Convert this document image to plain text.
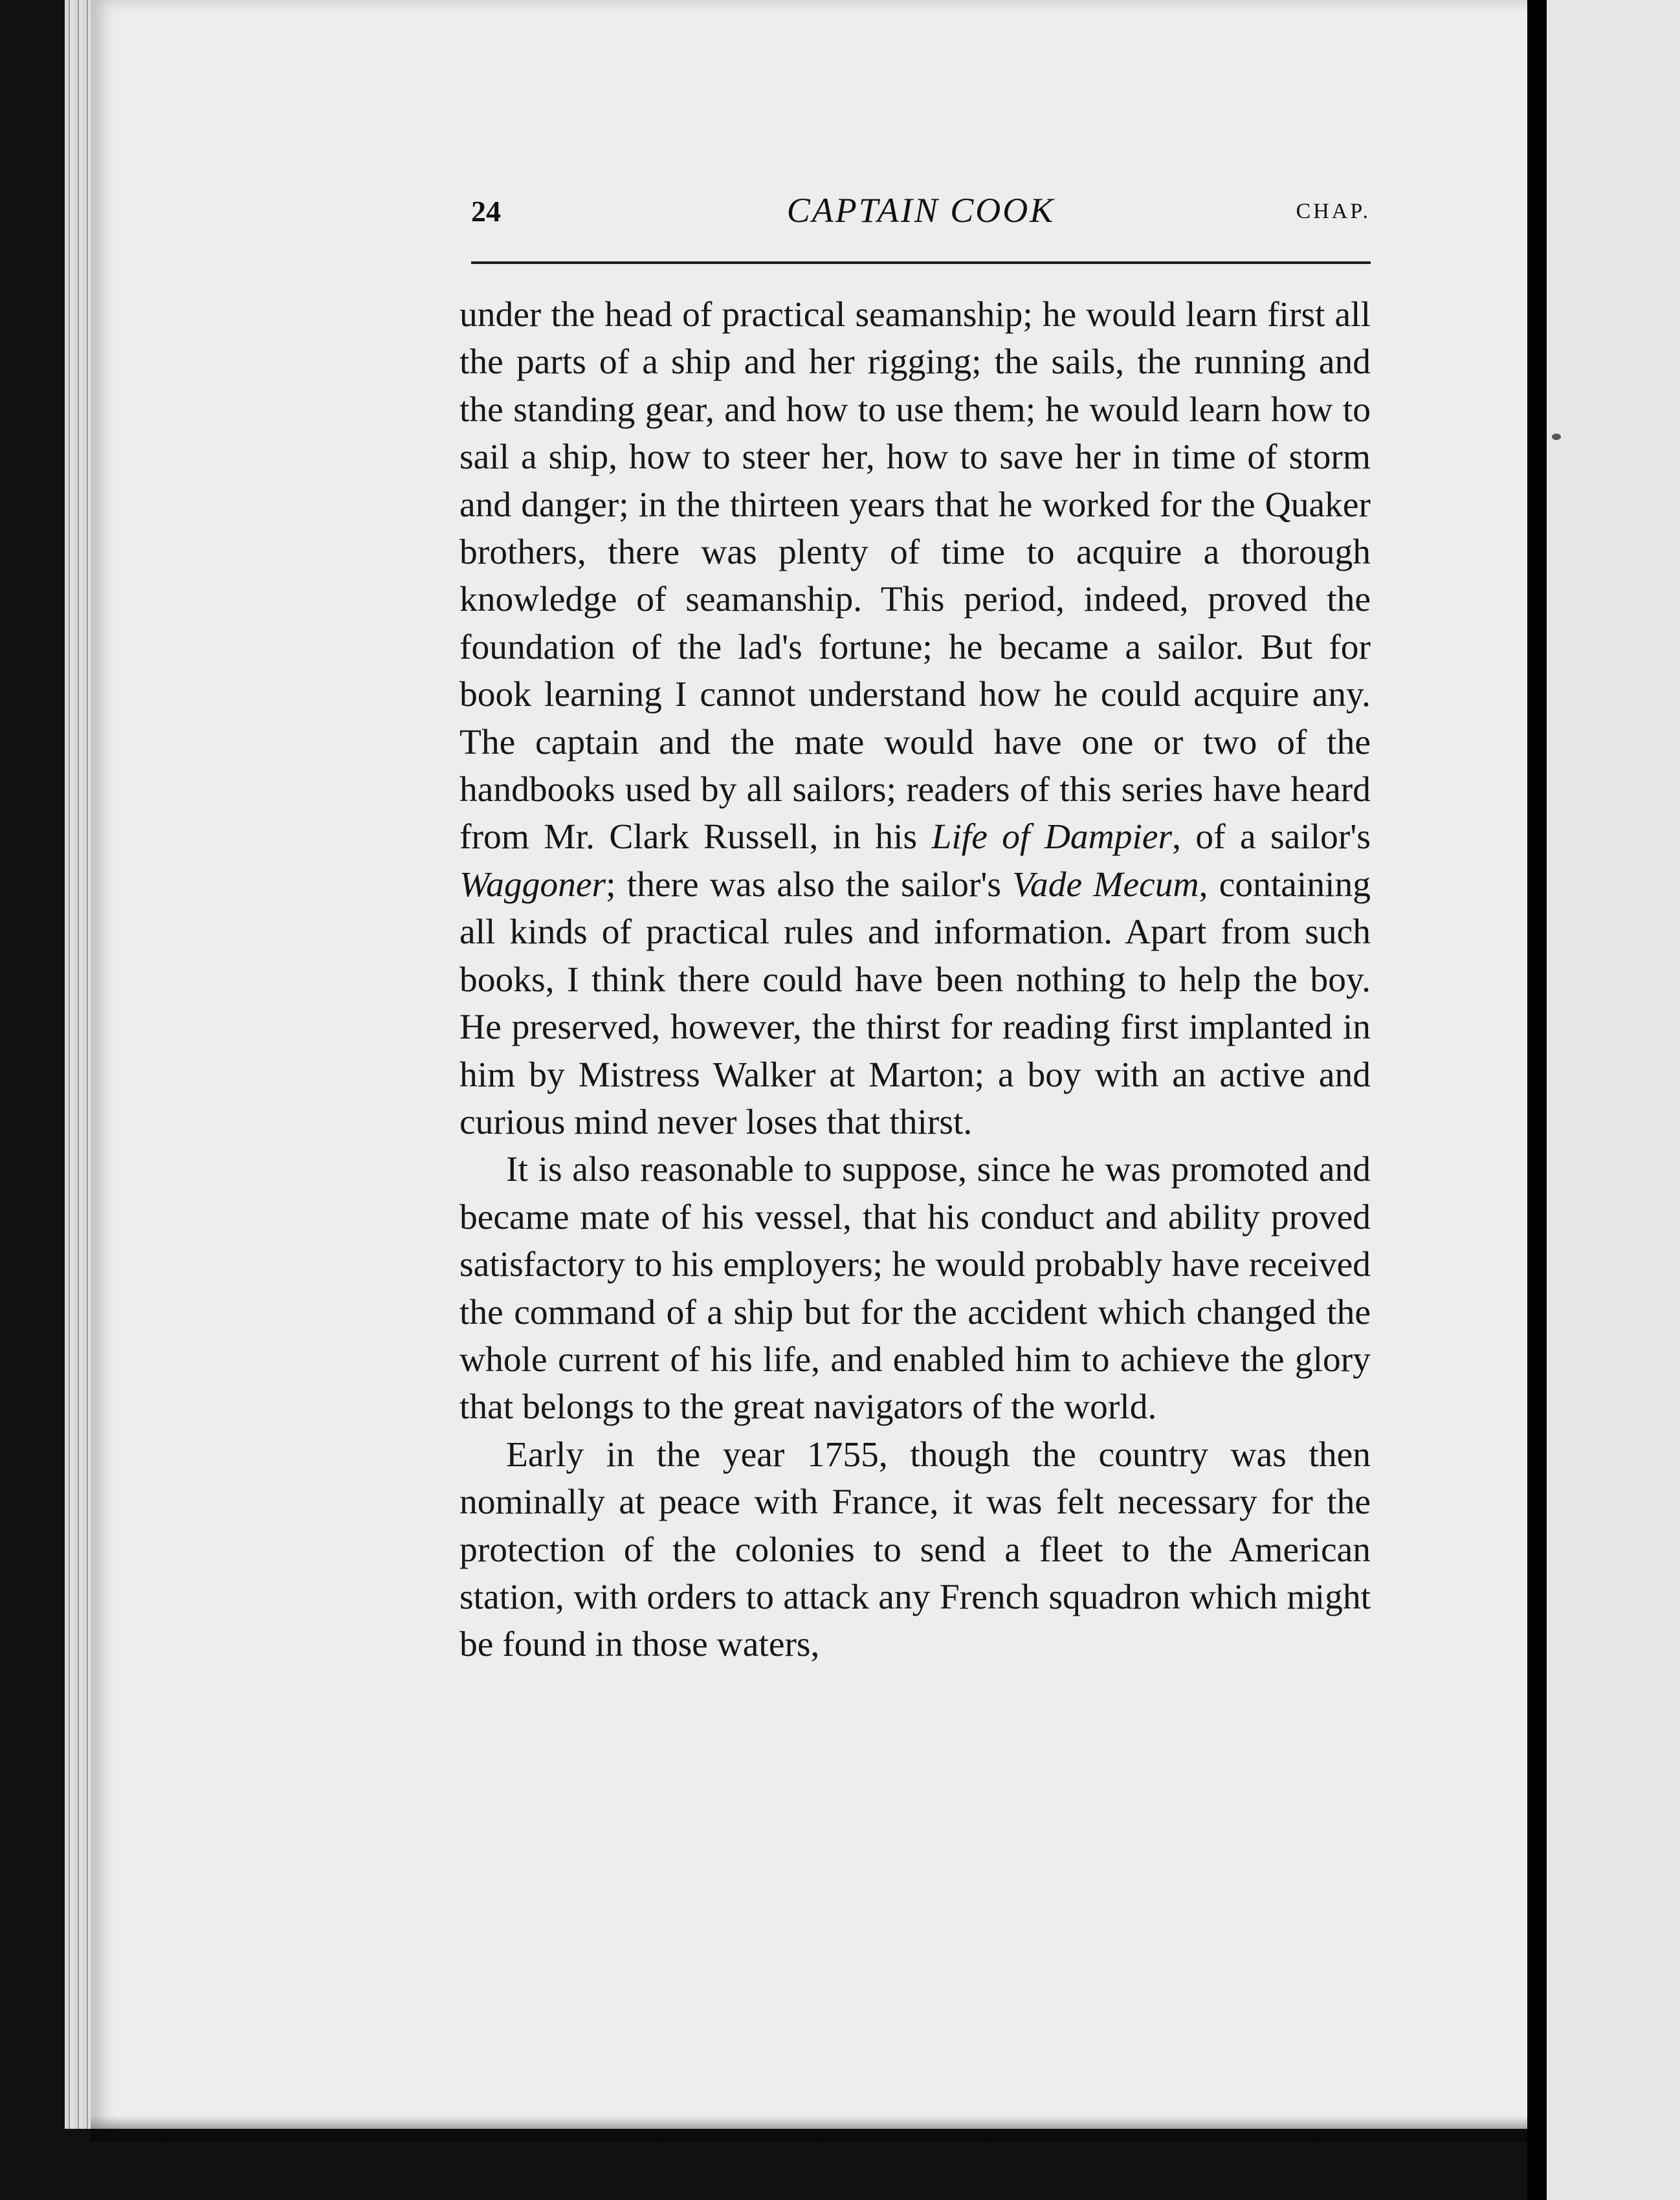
24	CAPTAIN COOK	CHAP.

under the head of practical seamanship; he would learn first all the parts of a ship and her rigging; the sails, the running and the standing gear, and how to use them; he would learn how to sail a ship, how to steer her, how to save her in time of storm and danger; in the thirteen years that he worked for the Quaker brothers, there was plenty of time to acquire a thorough knowledge of seamanship. This period, indeed, proved the foundation of the lad's fortune; he became a sailor. But for book learning I cannot understand how he could acquire any. The captain and the mate would have one or two of the handbooks used by all sailors; readers of this series have heard from Mr. Clark Russell, in his Life of Dampier, of a sailor's Waggoner; there was also the sailor's Vade Mecum, containing all kinds of practical rules and information. Apart from such books, I think there could have been nothing to help the boy. He preserved, however, the thirst for reading first implanted in him by Mistress Walker at Marton; a boy with an active and curious mind never loses that thirst.

It is also reasonable to suppose, since he was promoted and became mate of his vessel, that his conduct and ability proved satisfactory to his employers; he would probably have received the command of a ship but for the accident which changed the whole current of his life, and enabled him to achieve the glory that belongs to the great navigators of the world.

Early in the year 1755, though the country was then nominally at peace with France, it was felt necessary for the protection of the colonies to send a fleet to the American station, with orders to attack any French squadron which might be found in those waters,
